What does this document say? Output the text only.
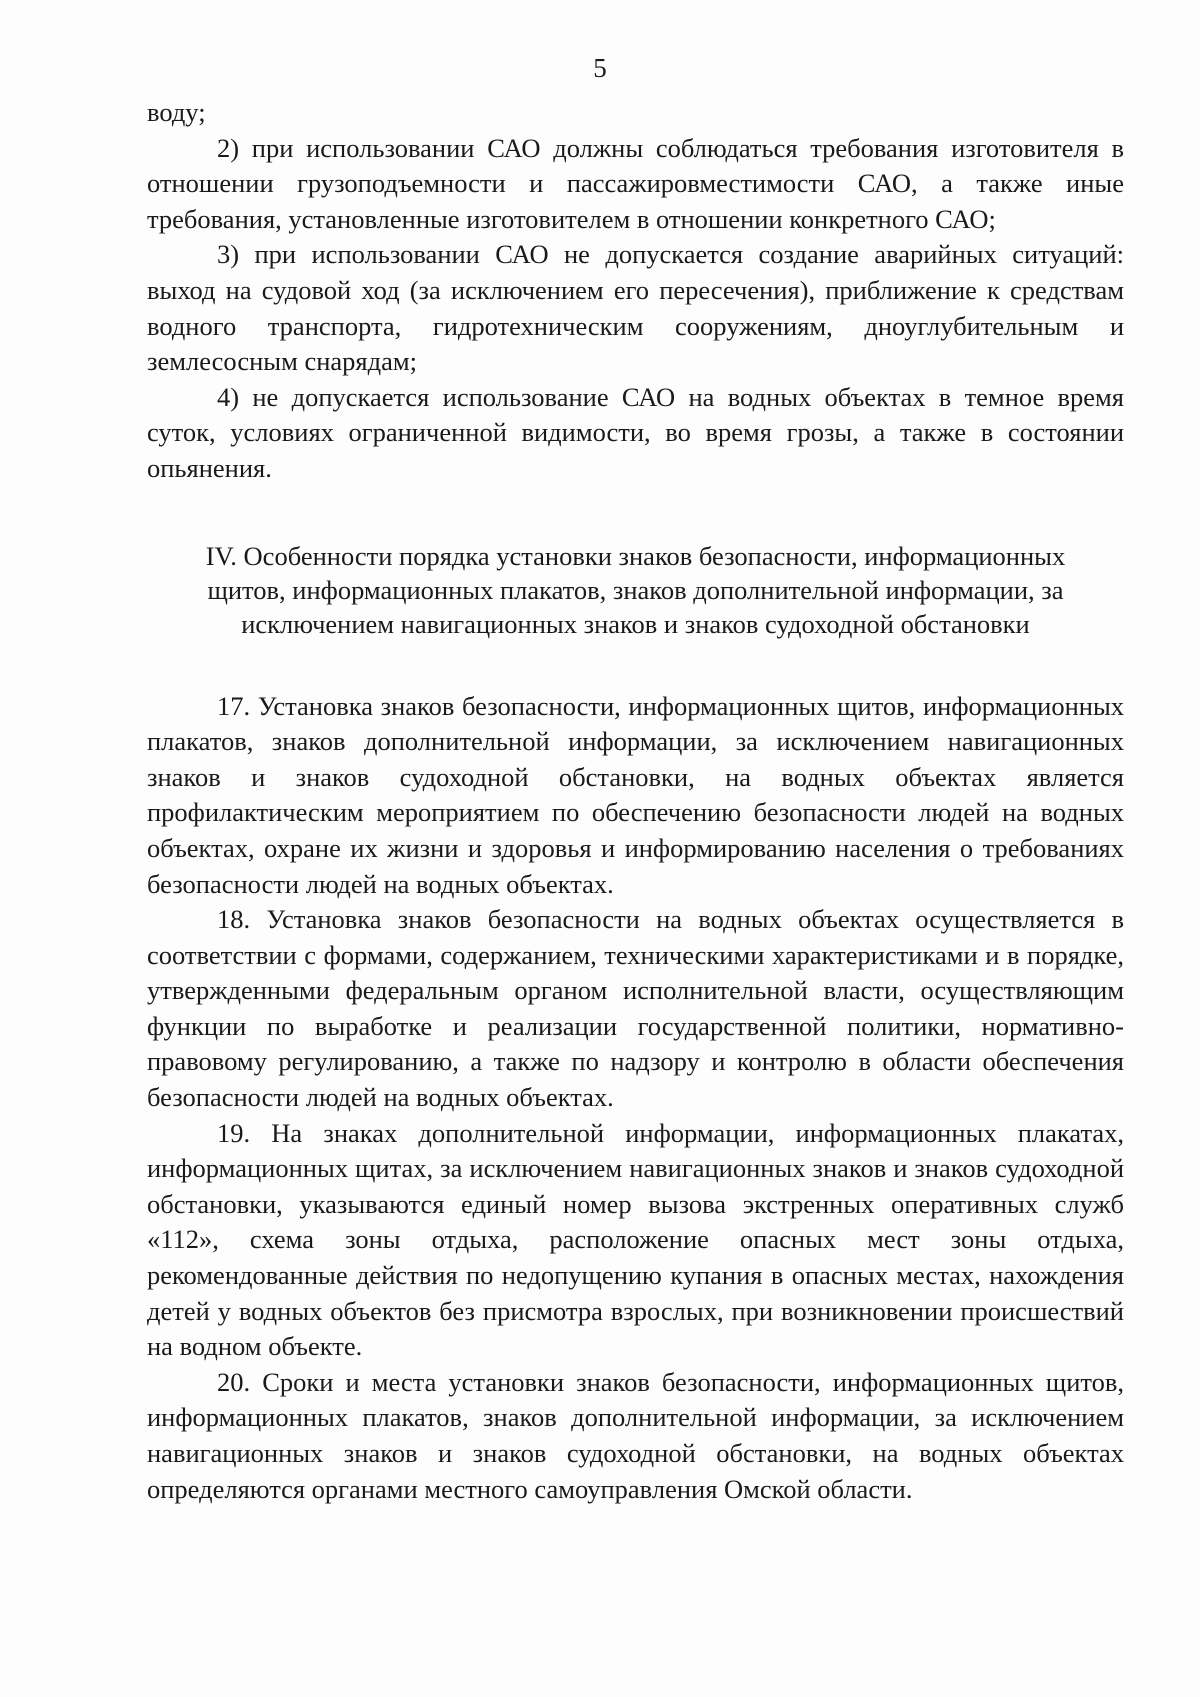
5

воду;

2) при использовании САО должны соблюдаться требования изготовителя в отношении грузоподъемности и пассажировместимости САО, а также иные требования, установленные изготовителем в отношении конкретного САО;

3) при использовании САО не допускается создание аварийных ситуаций: выход на судовой ход (за исключением его пересечения), приближение к средствам водного транспорта, гидротехническим сооружениям, дноуглубительным и землесосным снарядам;

4) не допускается использование САО на водных объектах в темное время суток, условиях ограниченной видимости, во время грозы, а также в состоянии опьянения.

IV. Особенности порядка установки знаков безопасности, информационных щитов, информационных плакатов, знаков дополнительной информации, за исключением навигационных знаков и знаков судоходной обстановки

17. Установка знаков безопасности, информационных щитов, информационных плакатов, знаков дополнительной информации, за исключением навигационных знаков и знаков судоходной обстановки, на водных объектах является профилактическим мероприятием по обеспечению безопасности людей на водных объектах, охране их жизни и здоровья и информированию населения о требованиях безопасности людей на водных объектах.

18. Установка знаков безопасности на водных объектах осуществляется в соответствии с формами, содержанием, техническими характеристиками и в порядке, утвержденными федеральным органом исполнительной власти, осуществляющим функции по выработке и реализации государственной политики, нормативно-правовому регулированию, а также по надзору и контролю в области обеспечения безопасности людей на водных объектах.

19. На знаках дополнительной информации, информационных плакатах, информационных щитах, за исключением навигационных знаков и знаков судоходной обстановки, указываются единый номер вызова экстренных оперативных служб «112», схема зоны отдыха, расположение опасных мест зоны отдыха, рекомендованные действия по недопущению купания в опасных местах, нахождения детей у водных объектов без присмотра взрослых, при возникновении происшествий на водном объекте.

20. Сроки и места установки знаков безопасности, информационных щитов, информационных плакатов, знаков дополнительной информации, за исключением навигационных знаков и знаков судоходной обстановки, на водных объектах определяются органами местного самоуправления Омской области.
